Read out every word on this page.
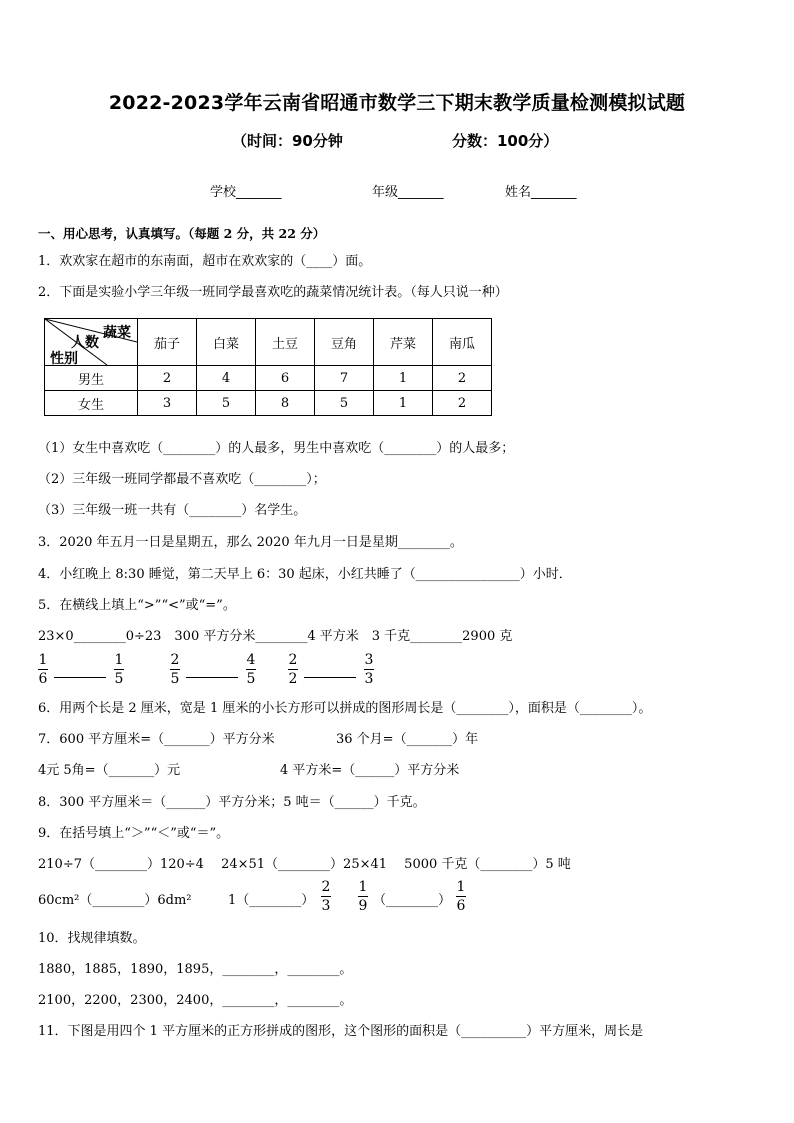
2022-2023学年云南省昭通市数学三下期末教学质量检测模拟试题
（时间：90分钟	分数：100分）
学校_______	年级_______	姓名_______
一、用心思考，认真填写。（每题 2 分，共 22 分）
1．欢欢家在超市的东南面，超市在欢欢家的（____）面。
2．下面是实验小学三年级一班同学最喜欢吃的蔬菜情况统计表。（每人只说一种）
蔬菜
人数
性别	茄子	白菜	土豆	豆角	芹菜	南瓜
男生	2	4	6	7	1	2
女生	3	5	8	5	1	2
（1）女生中喜欢吃（________）的人最多，男生中喜欢吃（________）的人最多；
（2）三年级一班同学都最不喜欢吃（________）；
（3）三年级一班一共有（________）名学生。
3．2020 年五月一日是星期五，那么 2020 年九月一日是星期________。
4．小红晚上 8:30 睡觉，第二天早上 6：30 起床，小红共睡了（________________）小时．
5．在横线上填上“>”“<”或“=”。
23×0________0÷23　300 平方分米________4 平方米　3 千克________2900 克
1
6
1
5
2
5
4
5
2
2
3
3
6．用两个长是 2 厘米，宽是 1 厘米的小长方形可以拼成的图形周长是（________），面积是（________）。
7．600 平方厘米=（_______）平方分米	36 个月=（_______）年
4元 5角=（_______）元	4 平方米=（______）平方分米
8．300 平方厘米＝（______）平方分米；5 吨＝（______）千克。
9．在括号填上“＞”“＜”或“＝”。
210÷7（________）120÷4　 24×51（________）25×41　 5000 千克（________）5 吨
60cm²（________）6dm²	1（________）
2
3
1
9 （________）
1
6
10．找规律填数。
1880，1885，1890，1895，________，________。
2100，2200，2300，2400，________，________。
11．下图是用四个 1 平方厘米的正方形拼成的图形，这个图形的面积是（__________）平方厘米，周长是
